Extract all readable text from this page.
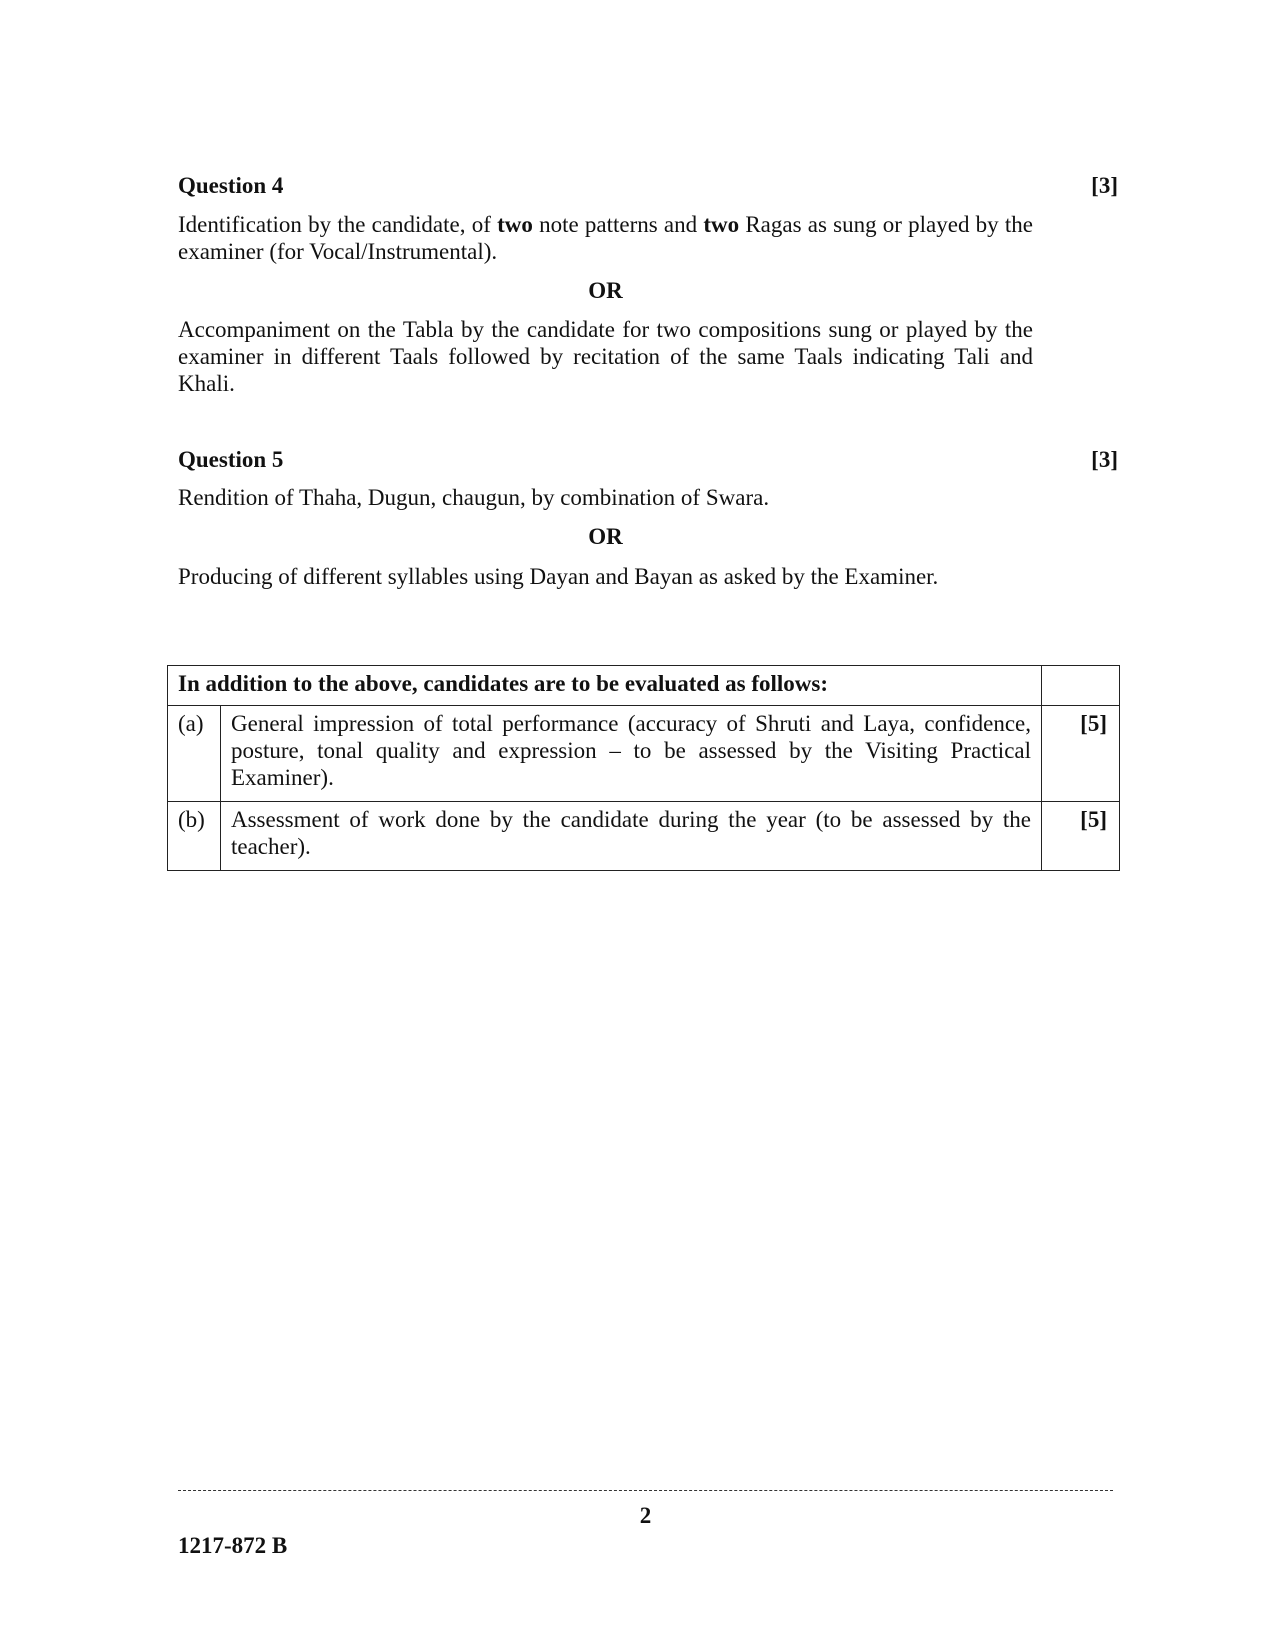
Question 4	[3]
Identification by the candidate, of two note patterns and two Ragas as sung or played by the examiner (for Vocal/Instrumental).
OR
Accompaniment on the Tabla by the candidate for two compositions sung or played by the examiner in different Taals followed by recitation of the same Taals indicating Tali and Khali.
Question 5	[3]
Rendition of Thaha, Dugun, chaugun, by combination of Swara.
OR
Producing of different syllables using Dayan and Bayan as asked by the Examiner.
In addition to the above, candidates are to be evaluated as follows:		
(a)	General impression of total performance (accuracy of Shruti and Laya, confidence, posture, tonal quality and expression – to be assessed by the Visiting Practical Examiner).	[5]
(b)	Assessment of work done by the candidate during the year (to be assessed by the teacher).	[5]
2
1217-872 B
